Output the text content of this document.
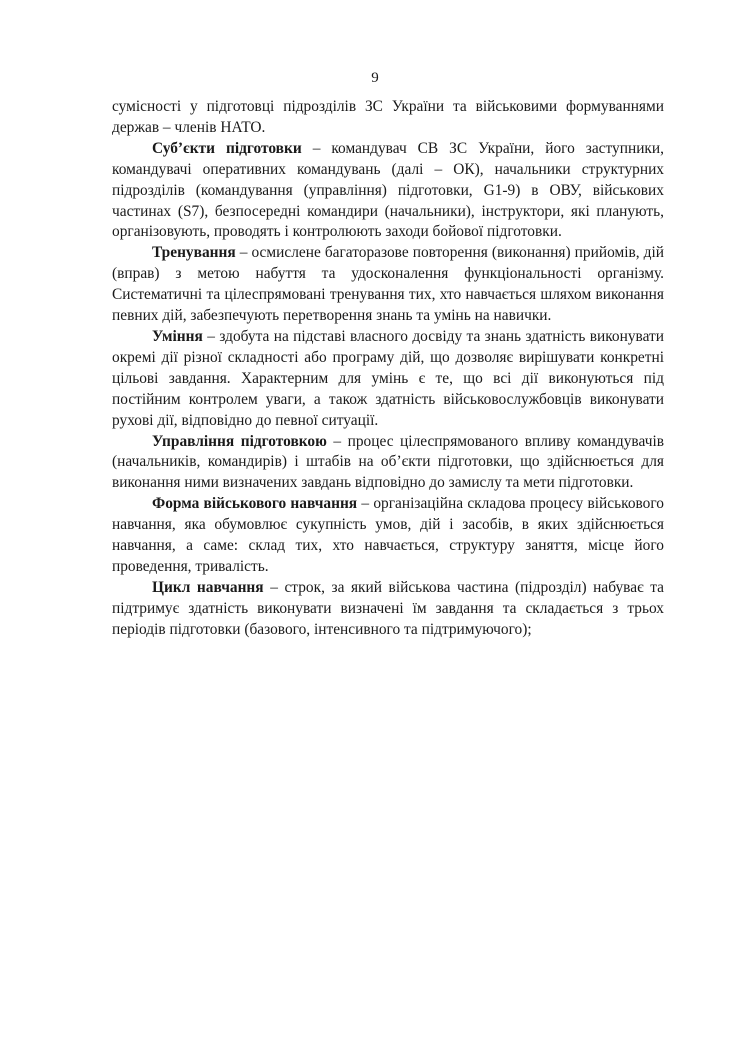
9

сумісності у підготовці підрозділів ЗС України та військовими формуваннями держав – членів НАТО.

Суб’єкти підготовки – командувач СВ ЗС України, його заступники, командувачі оперативних командувань (далі – ОК), начальники структурних підрозділів (командування (управління) підготовки, G1-9) в ОВУ, військових частинах (S7), безпосередні командири (начальники), інструктори, які планують, організовують, проводять і контролюють заходи бойової підготовки.

Тренування – осмислене багаторазове повторення (виконання) прийомів, дій (вправ) з метою набуття та удосконалення функціональності організму. Систематичні та цілеспрямовані тренування тих, хто навчається шляхом виконання певних дій, забезпечують перетворення знань та умінь на навички.

Уміння – здобута на підставі власного досвіду та знань здатність виконувати окремі дії різної складності або програму дій, що дозволяє вирішувати конкретні цільові завдання. Характерним для умінь є те, що всі дії виконуються під постійним контролем уваги, а також здатність військовослужбовців виконувати рухові дії, відповідно до певної ситуації.

Управління підготовкою – процес цілеспрямованого впливу командувачів (начальників, командирів) і штабів на об’єкти підготовки, що здійснюється для виконання ними визначених завдань відповідно до замислу та мети підготовки.

Форма військового навчання – організаційна складова процесу військового навчання, яка обумовлює сукупність умов, дій і засобів, в яких здійснюється навчання, а саме: склад тих, хто навчається, структуру заняття, місце його проведення, тривалість.

Цикл навчання – строк, за який військова частина (підрозділ) набуває та підтримує здатність виконувати визначені їм завдання та складається з трьох періодів підготовки (базового, інтенсивного та підтримуючого);
